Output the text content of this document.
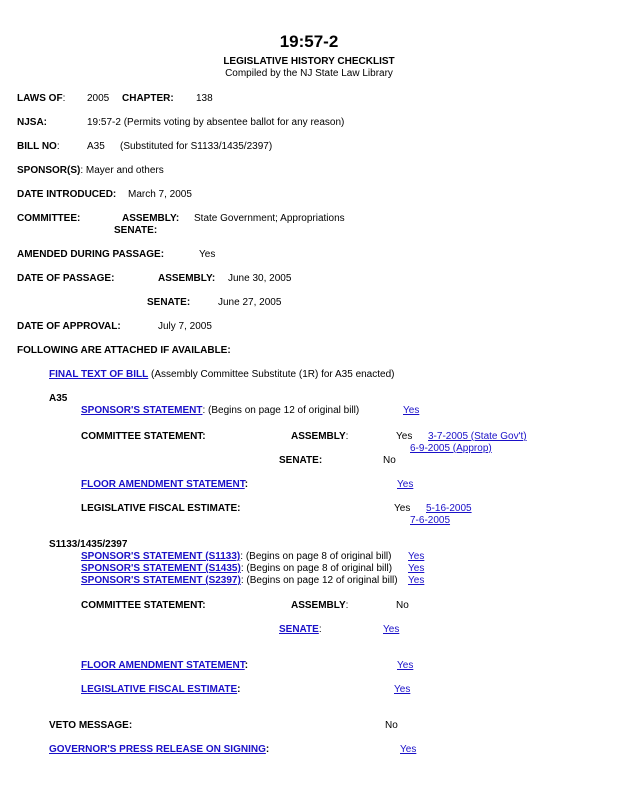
19:57-2
LEGISLATIVE HISTORY CHECKLIST
Compiled by the NJ State Law Library
LAWS OF: 2005 CHAPTER: 138
NJSA:	19:57-2 (Permits voting by absentee ballot for any reason)
BILL NO:	A35 (Substituted for S1133/1435/2397)
SPONSOR(S): Mayer and others
DATE INTRODUCED: March 7, 2005
COMMITTEE:	ASSEMBLY: State Government; Appropriations
SENATE:
AMENDED DURING PASSAGE:	Yes
DATE OF PASSAGE:	ASSEMBLY: June 30, 2005
SENATE:	June 27, 2005
DATE OF APPROVAL:	July 7, 2005
FOLLOWING ARE ATTACHED IF AVAILABLE:
FINAL TEXT OF BILL (Assembly Committee Substitute (1R) for A35 enacted)
A35
SPONSOR'S STATEMENT: (Begins on page 12 of original bill)	Yes
COMMITTEE STATEMENT:	ASSEMBLY:	Yes 3-7-2005 (State Gov't)
6-9-2005 (Approp)
SENATE:	No
FLOOR AMENDMENT STATEMENT:	Yes
LEGISLATIVE FISCAL ESTIMATE:	Yes 5-16-2005
7-6-2005
S1133/1435/2397
SPONSOR'S STATEMENT (S1133): (Begins on page 8 of original bill) Yes
SPONSOR'S STATEMENT (S1435): (Begins on page 8 of original bill) Yes
SPONSOR'S STATEMENT (S2397): (Begins on page 12 of original bill) Yes
COMMITTEE STATEMENT:	ASSEMBLY:	No
SENATE:	Yes
FLOOR AMENDMENT STATEMENT:	Yes
LEGISLATIVE FISCAL ESTIMATE:	Yes
VETO MESSAGE:	No
GOVERNOR'S PRESS RELEASE ON SIGNING:	Yes
